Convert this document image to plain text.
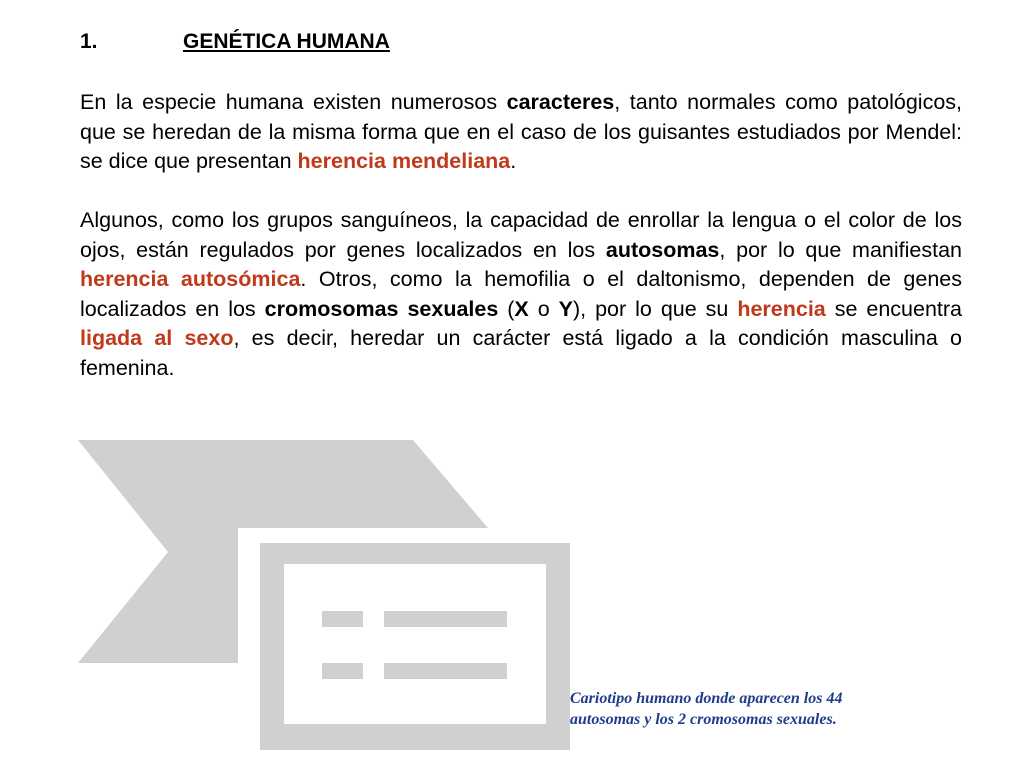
1.	GENÉTICA HUMANA

En la especie humana existen numerosos caracteres, tanto normales como patológicos, que se heredan de la misma forma que en el caso de los guisantes estudiados por Mendel: se dice que presentan herencia mendeliana.

Algunos, como los grupos sanguíneos, la capacidad de enrollar la lengua o el color de los ojos, están regulados por genes localizados en los autosomas, por lo que manifiestan herencia autosómica. Otros, como la hemofilia o el daltonismo, dependen de genes localizados en los cromosomas sexuales (X o Y), por lo que su herencia se encuentra ligada al sexo, es decir, heredar un carácter está ligado a la condición masculina o femenina.

Cariotipo humano donde aparecen los 44
autosomas y los 2 cromosomas sexuales.
